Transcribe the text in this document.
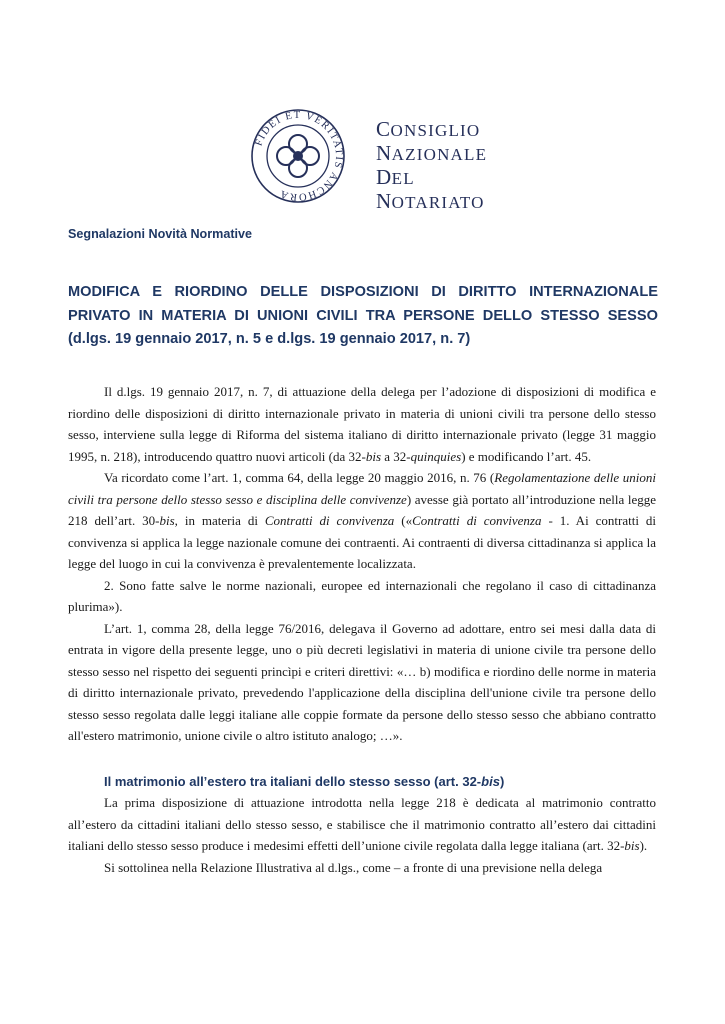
FIDEI ET VERITATIS ANCHORA
CONSIGLIO
NAZIONALE
DEL
NOTARIATO
Segnalazioni Novità Normative
MODIFICA E RIORDINO DELLE DISPOSIZIONI DI DIRITTO INTERNAZIONALE PRIVATO IN MATERIA DI UNIONI CIVILI TRA PERSONE DELLO STESSO SESSO (d.lgs. 19 gennaio 2017, n. 5 e d.lgs. 19 gennaio 2017, n. 7)

Il d.lgs. 19 gennaio 2017, n. 7, di attuazione della delega per l’adozione di disposizioni di modifica e riordino delle disposizioni di diritto internazionale privato in materia di unioni civili tra persone dello stesso sesso, interviene sulla legge di Riforma del sistema italiano di diritto internazionale privato (legge 31 maggio 1995, n. 218), introducendo quattro nuovi articoli (da 32-bis a 32-quinquies) e modificando l’art. 45.

Va ricordato come l’art. 1, comma 64, della legge 20 maggio 2016, n. 76 (Regolamentazione delle unioni civili tra persone dello stesso sesso e disciplina delle convivenze) avesse già portato all’introduzione nella legge 218 dell’art. 30-bis, in materia di Contratti di convivenza («Contratti di convivenza - 1. Ai contratti di convivenza si applica la legge nazionale comune dei contraenti. Ai contraenti di diversa cittadinanza si applica la legge del luogo in cui la convivenza è prevalentemente localizzata.

2. Sono fatte salve le norme nazionali, europee ed internazionali che regolano il caso di cittadinanza plurima»).

L’art. 1, comma 28, della legge 76/2016, delegava il Governo ad adottare, entro sei mesi dalla data di entrata in vigore della presente legge, uno o più decreti legislativi in materia di unione civile tra persone dello stesso sesso nel rispetto dei seguenti princìpi e criteri direttivi: «… b) modifica e riordino delle norme in materia di diritto internazionale privato, prevedendo l'applicazione della disciplina dell'unione civile tra persone dello stesso sesso regolata dalle leggi italiane alle coppie formate da persone dello stesso sesso che abbiano contratto all'estero matrimonio, unione civile o altro istituto analogo; …».

Il matrimonio all’estero tra italiani dello stesso sesso (art. 32-bis)

La prima disposizione di attuazione introdotta nella legge 218 è dedicata al matrimonio contratto all’estero da cittadini italiani dello stesso sesso, e stabilisce che il matrimonio contratto all’estero dai cittadini italiani dello stesso sesso produce i medesimi effetti dell’unione civile regolata dalla legge italiana (art. 32-bis).

Si sottolinea nella Relazione Illustrativa al d.lgs., come – a fronte di una previsione nella delega
